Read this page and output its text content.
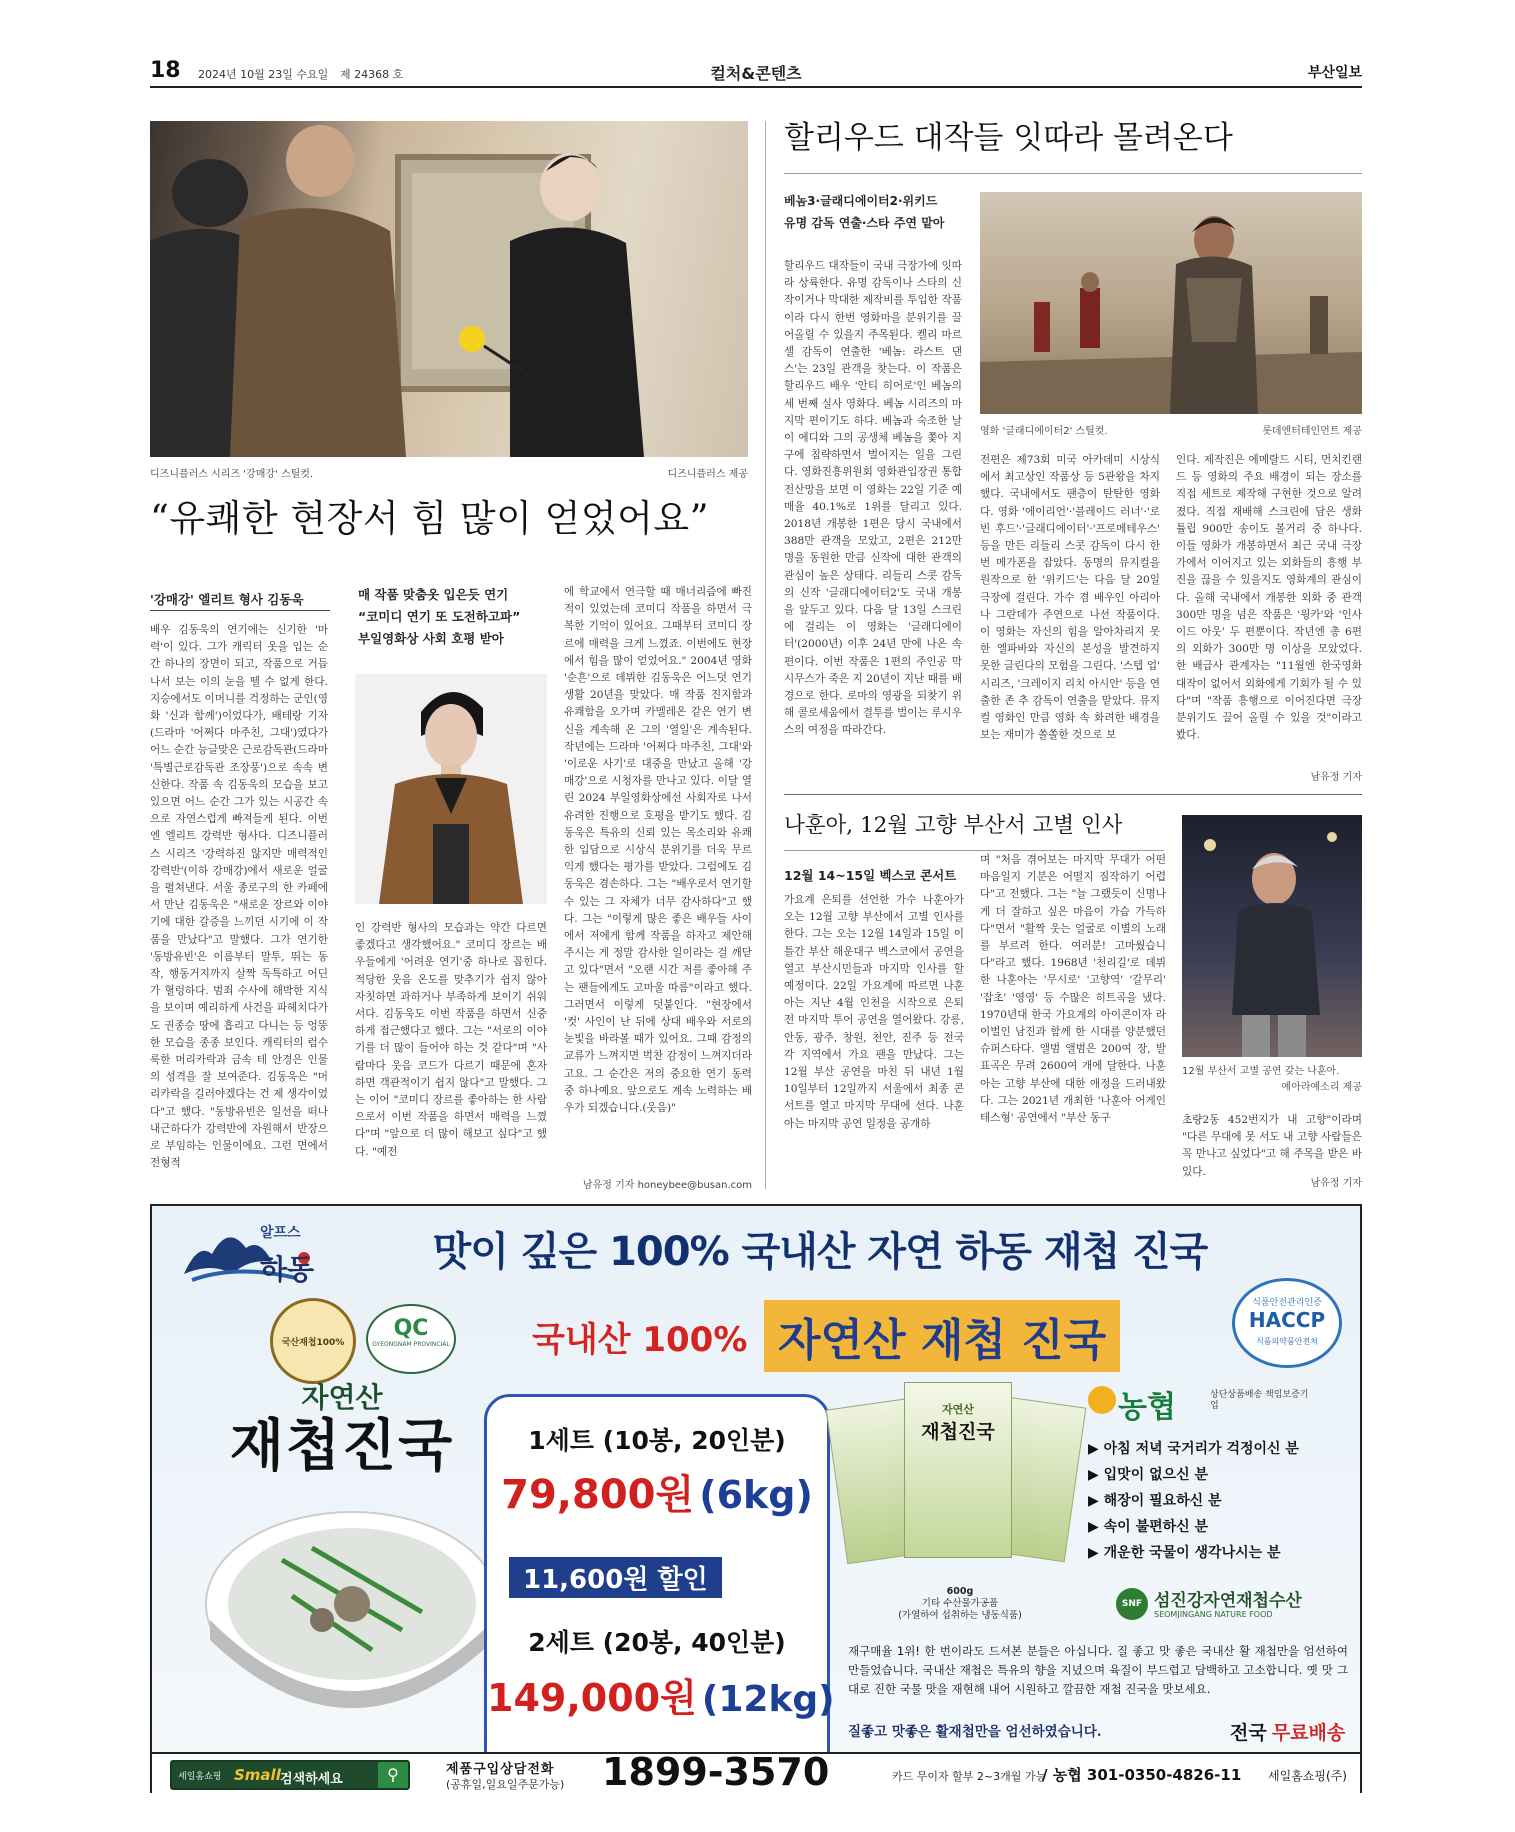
18 2024년 10월 23일 수요일 제 24368 호	컬처&콘텐츠	부산일보
디즈니플러스 시리즈 '강매강' 스틸컷.	디즈니플러스 제공
“유쾌한 현장서 힘 많이 얻었어요”
'강매강' 엘리트 형사 김동욱	매 작품 맞춤옷 입은듯 연기
“코미디 연기 또 도전하고파”
부일영화상 사회 호평 받아
배우 김동욱의 연기에는 신기한 '마력'이 있다. 그가 캐릭터 옷을 입는 순간 하나의 장면이 되고, 작품으로 거듭나서 보는 이의 눈을 뗄 수 없게 한다. 지승에서도 이머니를 걱정하는 군인(영화 '신과 함께')이었다가, 배테랑 기자(드라마 '어쩌다 마주친, 그대')였다가 어느 순간 능글맞은 근로감독관(드라마 '특별근로감독관 조장풍')으로 속속 변신한다. 작품 속 김동욱의 모습을 보고 있으면 어느 순간 그가 있는 시공간 속으로 자연스럽게 빠져들게 된다. 이번엔 엘리트 강력반 형사다. 디즈니플러스 시리즈 '강력하진 않지만 매력적인 강력반'(이하 강매강)에서 새로운 얼굴을 펼쳐낸다. 서울 종로구의 한 카페에서 만난 김동욱은 "새로운 장르와 이야기에 대한 갈증을 느끼던 시기에 이 작품을 만났다"고 말했다. 그가 연기한 '동방유빈'은 이름부터 말투, 뛰는 동작, 행동거지까지 살짝 독특하고 어딘가 혈렁하다. 범죄 수사에 해박한 지식을 보이며 예리하게 사건을 파헤치다가도 권종승 땅에 흡리고 다니는 등 엉뚱한 모습을 종종 보인다. 캐릭터의 럼수룩한 머리카락과 금속 테 안경은 인물의 성격을 잘 보여준다. 김동욱은 "머리카락을 길러야겠다는 건 제 생각이었다"고 했다. "동방유빈은 일선을 떠나 내근하다가 강력반에 자원해서 반장으로 부임하는 인물이에요. 그런 면에서 전형적
인 강력반 형사의 모습과는 약간 다르면 좋겠다고 생각했어요." 코미디 장르는 배우들에게 '어려운 연기'중 하나로 꼽힌다. 적당한 웃음 온도를 맞추기가 쉽지 않아 자칫하면 과하거나 부족하게 보이기 쉬워서다. 김동욱도 이번 작품을 하면서 신중하게 접근했다고 했다. 그는 "서로의 이야기를 더 많이 들어야 하는 것 같다"며 "사람마다 웃음 코드가 다르기 때문에 혼자 하면 객관적이기 쉽지 않다"고 말했다. 그는 이어 "코미디 장르를 좋아하는 한 사람으로서 이번 작품을 하면서 매력을 느꼈다"며 "앞으로 더 많이 해보고 싶다"고 했다. "예전
에 학교에서 연극할 때 매너리즘에 빠진 적이 있었는데 코미디 작품을 하면서 극복한 기억이 있어요. 그때부터 코미디 장르에 매력을 크게 느꼈죠. 이번에도 현장에서 힘을 많이 얻었어요." 2004년 영화 '순흔'으로 데뷔한 김동욱은 어느덧 연기 생활 20년을 맞았다. 매 작품 진지함과 유쾌함을 오가며 카멜레온 같은 연기 변신을 계속해 온 그의 '열일'은 계속된다. 작년에는 드라마 '어쩌다 마주친, 그대'와 '이로운 사기'로 대중을 만났고 올해 '강매강'으로 시청자를 만나고 있다. 이달 열린 2024 부일영화상에선 사회자로 나서 유려한 진행으로 호평을 받기도 했다. 김동욱은 특유의 신뢰 있는 목소리와 유쾌한 입담으로 시상식 분위기를 더욱 무르익게 했다는 평가를 받았다. 그럼에도 김동욱은 겸손하다. 그는 "배우로서 연기할 수 있는 그 자체가 너무 감사하다"고 했다. 그는 "이렇게 많은 좋은 배우들 사이에서 저에게 함께 작품을 하자고 제안해주시는 게 정말 감사한 일이라는 걸 깨닫고 있다"면서 "오랜 시간 저를 좋아해 주는 팬들에게도 고마울 따름"이라고 했다. 그러면서 이렇게 덧붙인다. "현장에서 '컷' 사인이 난 뒤에 상대 배우와 서로의 눈빛을 바라볼 때가 있어요. 그때 감정의 교류가 느껴지면 벅찬 감정이 느껴지더라고요. 그 순간은 저의 중요한 연기 동력 중 하나예요. 앞으로도 계속 노력하는 배우가 되겠습니다.(웃음)"
남유정 기자 honeybee@busan.com
할리우드 대작들 잇따라 몰려온다
베놈3·글래디에이터2·위키드
유명 감독 연출·스타 주연 맡아
영화 '글래디에이터2' 스틸컷.	롯데엔터테인먼트 제공
할리우드 대작들이 국내 극장가에 잇따라 상륙한다. 유명 감독이나 스타의 신작이거나 막대한 제작비를 투입한 작품이라 다시 한번 영화마을 분위기를 끌어올릴 수 있을지 주목된다. 켈리 마르셀 감독이 연출한 '베놈: 라스트 댄스'는 23일 관객을 찾는다. 이 작품은 할리우드 배우 '안티 히어로'인 베놈의 세 번째 실사 영화다. 베놈 시리즈의 마지막 편이기도 하다. 베놈과 숙조한 날이 에디와 그의 공생체 베놈을 쫓아 지구에 침략하면서 벌어지는 일을 그린다. 영화진흥위원회 영화관입장권 통합전산망을 보면 이 영화는 22일 기준 예매율 40.1%로 1위를 달리고 있다. 2018년 개봉한 1편은 당시 국내에서 388만 관객을 모았고, 2편은 212만 명을 동원한 만큼 신작에 대한 관객의 관심이 높은 상태다. 리들리 스콧 감독의 신작 '글래디에이터2'도 국내 개봉을 앞두고 있다. 다음 달 13일 스크린에 걸리는 이 영화는 '글래디에이터'(2000년) 이후 24년 만에 나온 속편이다. 이번 작품은 1편의 주인공 막시무스가 죽은 지 20년이 지난 때를 배경으로 한다. 로마의 영광을 되찾기 위해 콜로세움에서 결투를 벌이는 루시우스의 여정을 따라간다.
전편은 제73회 미국 아카데미 시상식에서 최고상인 작품상 등 5관왕을 차지했다. 국내에서도 팬층이 탄탄한 영화다. 영화 '에이리언'·'블레이드 러너'·'로빈 후드'·'글래디에이터'·'프로메테우스' 등을 만든 리들리 스콧 감독이 다시 한번 메가폰을 잡았다. 동명의 뮤지컬을 원작으로 한 '위키드'는 다음 달 20일 극장에 걸린다. 가수 겸 배우인 아리아나 그란데가 주연으로 나선 작품이다. 이 영화는 자신의 힘을 알아차리지 못한 엘파바와 자신의 본성을 발견하지 못한 글린다의 모험을 그린다. '스텝 업' 시리즈, '크레이지 리치 아시안' 등을 연출한 존 추 감독이 연출을 맡았다. 뮤지컬 영화인 만큼 영화 속 화려한 배경을 보는 재미가 쏠쏠한 것으로 보
인다. 제작진은 에메랄드 시티, 먼치킨랜드 등 영화의 주요 배경이 되는 장소를 직접 세트로 제작해 구현한 것으로 알려졌다. 직접 재배해 스크린에 담은 생화 튤립 900만 송이도 볼거리 중 하나다. 이들 영화가 개봉하면서 최근 국내 극장가에서 이어지고 있는 외화들의 흥행 부진을 끊을 수 있을지도 영화계의 관심이다. 올해 국내에서 개봉한 외화 중 관객 300만 명을 넘은 작품은 '웡카'와 '인사이드 아웃' 두 편뿐이다. 작년엔 총 6편의 외화가 300만 명 이상을 모았었다. 한 배급사 관계자는 "11월엔 한국영화 대작이 없어서 외화에게 기회가 될 수 있다"며 "작품 흥행으로 이어진다면 극장 분위기도 끌어 올릴 수 있을 것"이라고 봤다.
남유정 기자
나훈아, 12월 고향 부산서 고별 인사
12월 14~15일 벡스코 콘서트
12월 부산서 고별 공연 갖는 나훈아.
예아라예소리 제공
가요계 은퇴를 선언한 가수 나훈아가 오는 12월 고향 부산에서 고별 인사를 한다. 그는 오는 12월 14일과 15일 이틀간 부산 해운대구 벡스코에서 공연을 열고 부산시민들과 마지막 인사를 할 예정이다. 22일 가요계에 따르면 나훈아는 지난 4월 인천을 시작으로 은퇴 전 마지막 투어 공연을 열어왔다. 강릉, 안동, 광주, 창원, 천안, 진주 등 전국 각 지역에서 가요 팬을 만났다. 그는 12월 부산 공연을 마친 뒤 내년 1월 10일부터 12일까지 서울에서 최종 콘서트를 열고 마지막 무대에 선다. 나훈아는 마지막 공연 일정을 공개하
며 "처음 겪어보는 마지막 무대가 어떤 마음일지 기분은 어떨지 짐작하기 어렵다"고 전했다. 그는 "늘 그랬듯이 신명나게 더 잘하고 싶은 마음이 가슴 가득하다"면서 "활짝 웃는 얼굴로 이별의 노래를 부르려 한다. 여러분! 고마웠습니다"라고 했다. 1968년 '천리길'로 데뷔한 나훈아는 '무시로' '고향역' '갈무리' '잡초' '영영' 등 수많은 히트곡을 냈다. 1970년대 한국 가요계의 아이콘이자 라이벌인 남진과 함께 한 시대를 양분했던 슈퍼스타다. 앨범 앨범은 200여 장, 발표곡은 무려 2600여 개에 달한다. 나훈아는 고향 부산에 대한 애정을 드러내왔다. 그는 2021년 개최한 '나훈아 어게인 테스형' 공연에서 "부산 동구	초량2동 452번지가 내 고향"이라며 "다른 무대에 못 서도 내 고향 사람들은 꼭 만나고 싶었다"고 해 주목을 받은 바 있다.
남유정 기자
알프스
하동	맛이 깊은 100% 국내산 자연 하동 재첩 진국
국내산 100% 자연산 재첩 진국
식품안전관리인증
HACCP
식품의약품안전처
국산재첩100%
QC
GYEONGNAM PROVINCIAL
자연산
재첩진국	1세트 (10봉, 20인분)
79,800원 (6kg)
11,600원 할인
2세트 (20봉, 40인분)
149,000원 (12kg)
자연산
재첩진국
600g
기타 수산물가공품
(가열하여 섭취하는 냉동식품)
농협	상단상품배송 책임보증기업
▶ 아침 저녁 국거리가 걱정이신 분
▶ 입맛이 없으신 분
▶ 해장이 필요하신 분
▶ 속이 불편하신 분
▶ 개운한 국물이 생각나시는 분
SNF 섬진강자연재첩수산
SEOMJINGANG NATURE FOOD
재구매율 1위! 한 번이라도 드셔본 분들은 아십니다. 질 좋고 맛 좋은 국내산 활 재첩만을 엄선하여 만들었습니다. 국내산 재첩은 특유의 향을 지녔으며 육질이 부드럽고 담백하고 고소합니다. 옛 맛 그대로 진한 국물 맛을 재현해 내어 시원하고 깔끔한 재첩 진국을 맛보세요.
질좋고 맛좋은 활재첩만을 엄선하였습니다.	전국 무료배송
세일홈쇼핑 Small 검색하세요	⚲	제품구입상담전화
(공휴일,일요일주문가능) 1899-3570	카드 무이자 할부 2~3개월 가능
/ 농협 301-0350-4826-11 세일홈쇼핑(주)
